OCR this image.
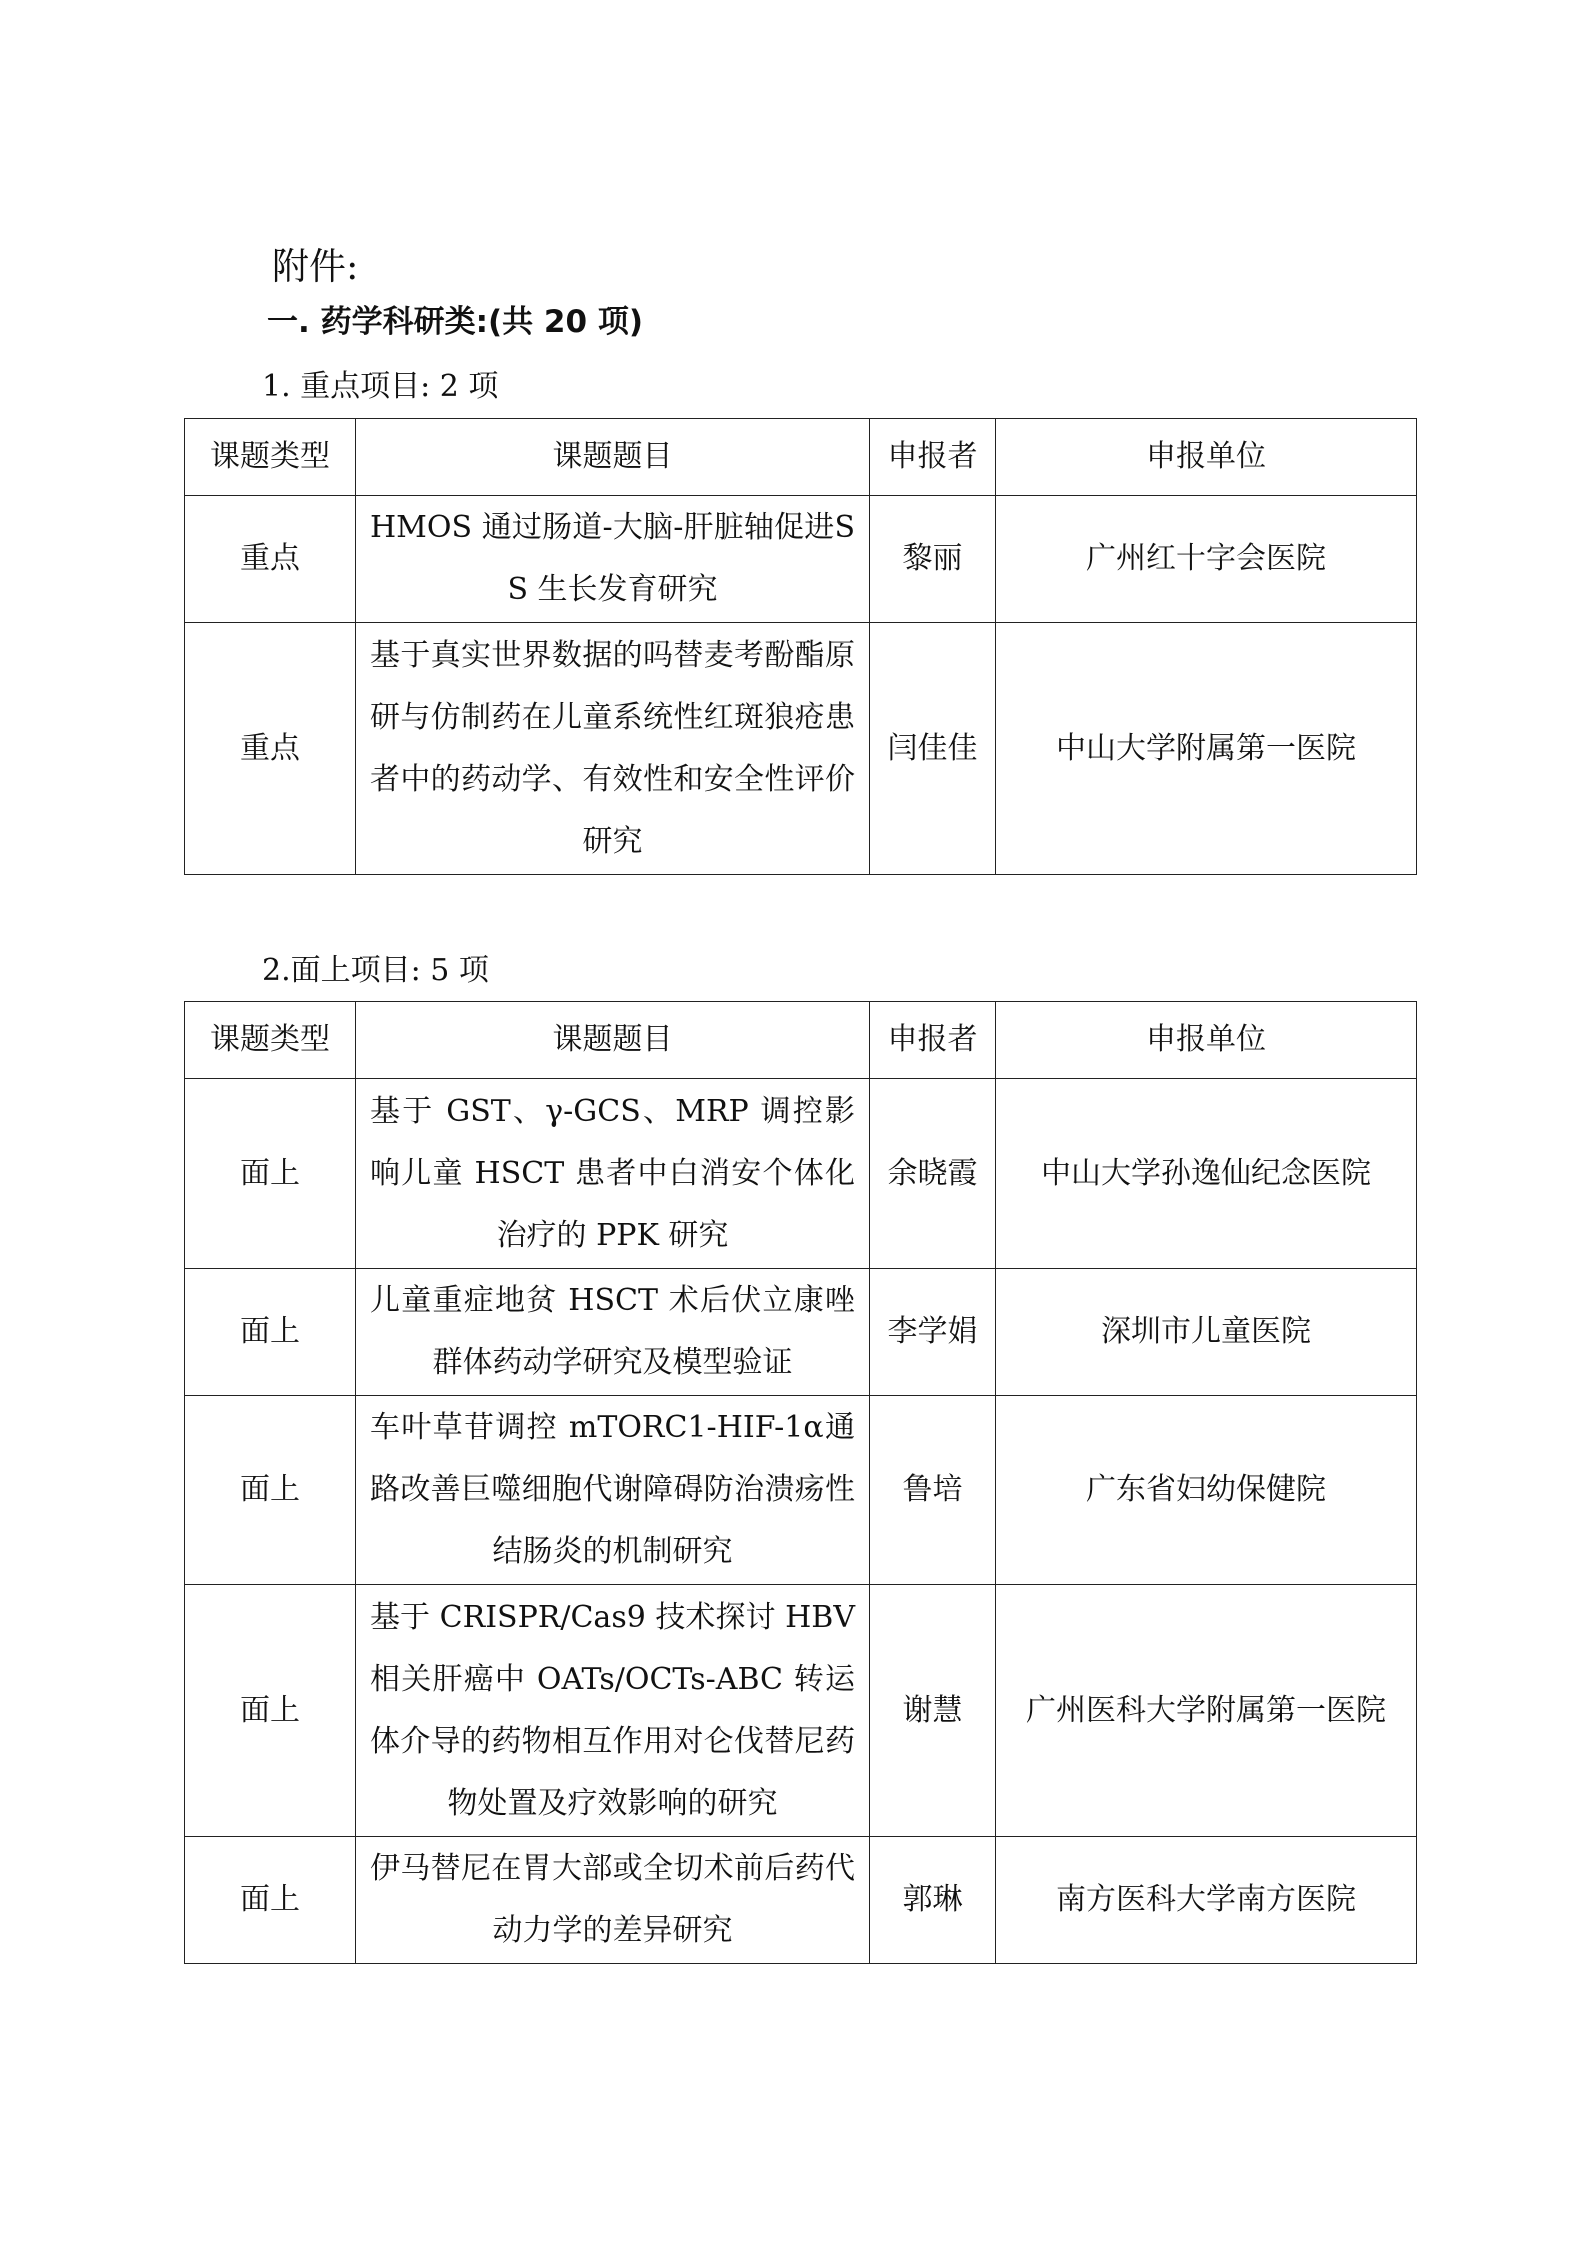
附件:
一. 药学科研类:(共 20 项)
1. 重点项目: 2 项
课题类型	课题题目	申报者	申报单位
重点	HMOS 通过肠道-大脑-肝脏轴促进SS 生长发育研究	黎丽	广州红十字会医院
重点	基于真实世界数据的吗替麦考酚酯原研与仿制药在儿童系统性红斑狼疮患者中的药动学、有效性和安全性评价研究	闫佳佳	中山大学附属第一医院
2.面上项目: 5 项
课题类型	课题题目	申报者	申报单位
面上	基于 GST、γ-GCS、MRP 调控影响儿童 HSCT 患者中白消安个体化治疗的 PPK 研究	余晓霞	中山大学孙逸仙纪念医院
面上	儿童重症地贫 HSCT 术后伏立康唑群体药动学研究及模型验证	李学娟	深圳市儿童医院
面上	车叶草苷调控 mTORC1-HIF-1α通路改善巨噬细胞代谢障碍防治溃疡性结肠炎的机制研究	鲁培	广东省妇幼保健院
面上	基于 CRISPR/Cas9 技术探讨 HBV 相关肝癌中 OATs/OCTs-ABC 转运体介导的药物相互作用对仑伐替尼药物处置及疗效影响的研究	谢慧	广州医科大学附属第一医院
面上	伊马替尼在胃大部或全切术前后药代动力学的差异研究	郭琳	南方医科大学南方医院
